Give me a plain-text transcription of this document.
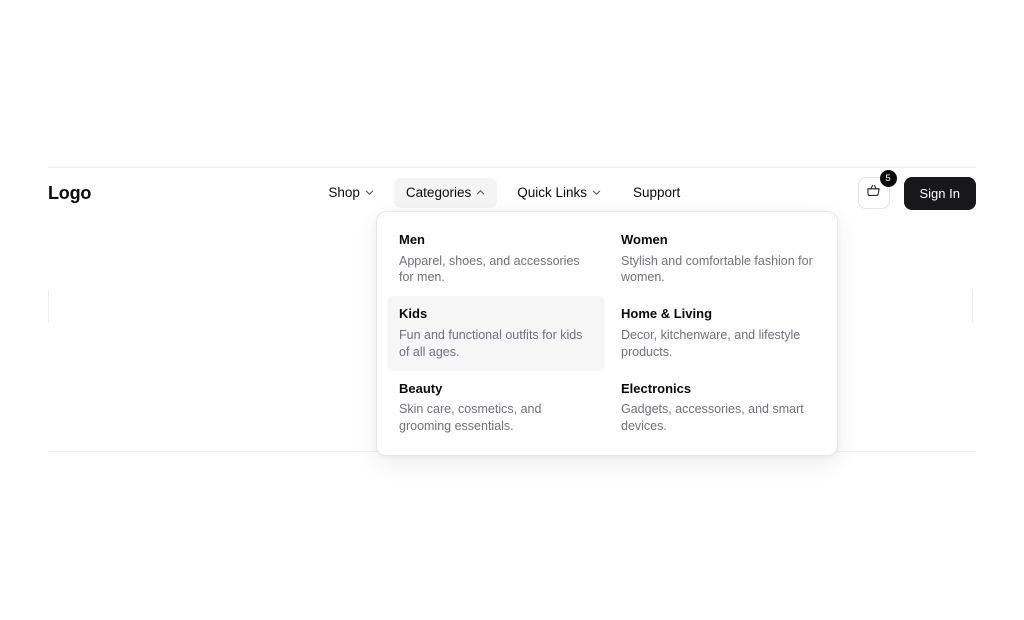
Logo	Shop	Categories	Quick Links	Support
5
Sign In
Men
Apparel, shoes, and accessories for men.
Women
Stylish and comfortable fashion for women.
Kids
Fun and functional outfits for kids of all ages.
Home & Living
Decor, kitchenware, and lifestyle products.
Beauty
Skin care, cosmetics, and grooming essentials.
Electronics
Gadgets, accessories, and smart devices.
